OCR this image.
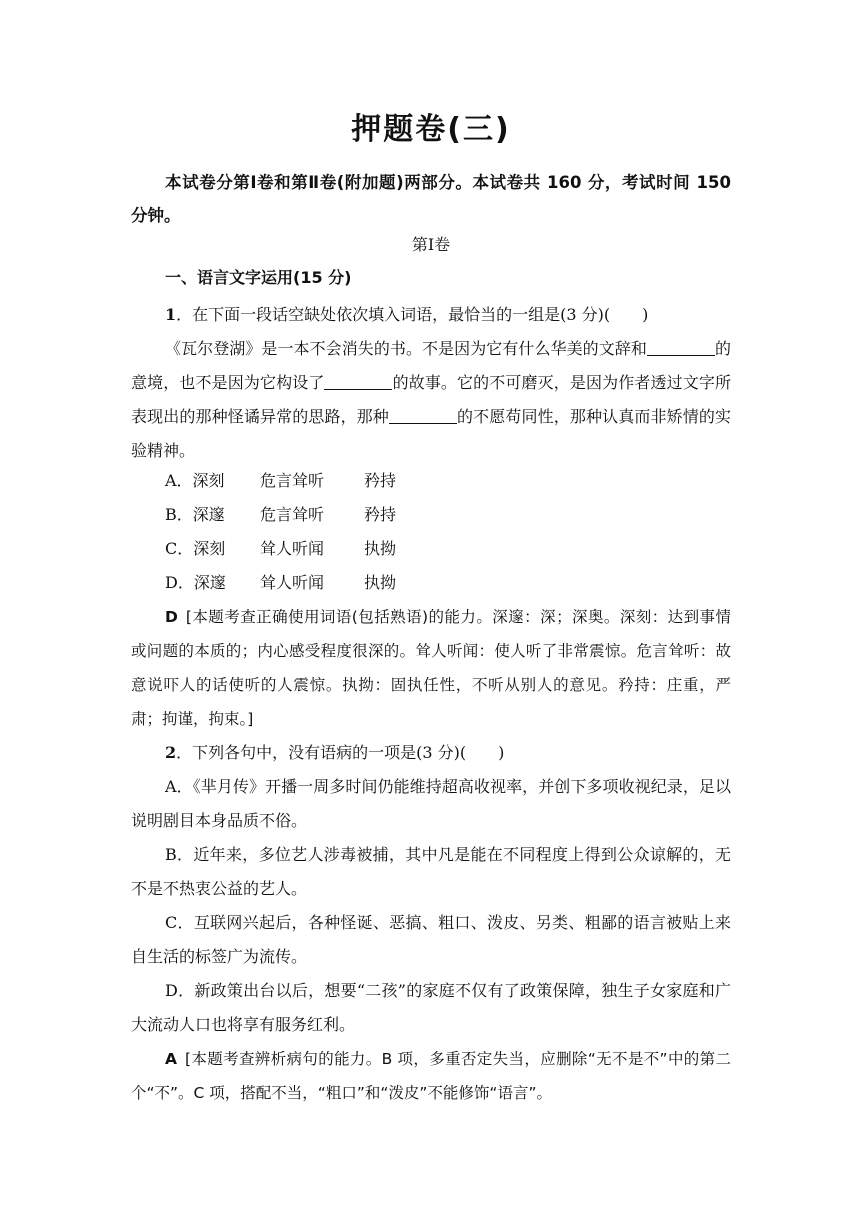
押题卷(三)

本试卷分第Ⅰ卷和第Ⅱ卷(附加题)两部分。本试卷共 160 分，考试时间 150 分钟。

第Ⅰ卷

一、语言文字运用(15 分)

1．在下面一段话空缺处依次填入词语，最恰当的一组是(3 分)(　　)

《瓦尔登湖》是一本不会消失的书。不是因为它有什么华美的文辞和	的意境，也不是因为它构设了	的故事。它的不可磨灭，是因为作者透过文字所表现出的那种怪谲异常的思路，那种	的不愿苟同性，那种认真而非矫情的实验精神。

A．深刻 危言耸听 矜持

B．深邃 危言耸听 矜持

C．深刻 耸人听闻 执拗

D．深邃 耸人听闻 执拗

D [本题考查正确使用词语(包括熟语)的能力。深邃：深；深奥。深刻：达到事情或问题的本质的；内心感受程度很深的。耸人听闻：使人听了非常震惊。危言耸听：故意说吓人的话使听的人震惊。执拗：固执任性，不听从别人的意见。矜持：庄重，严肃；拘谨，拘束。]

2．下列各句中，没有语病的一项是(3 分)(　　)

A．《芈月传》开播一周多时间仍能维持超高收视率，并创下多项收视纪录，足以说明剧目本身品质不俗。

B．近年来，多位艺人涉毒被捕，其中凡是能在不同程度上得到公众谅解的，无不是不热衷公益的艺人。

C．互联网兴起后，各种怪诞、恶搞、粗口、泼皮、另类、粗鄙的语言被贴上来自生活的标签广为流传。

D．新政策出台以后，想要“二孩”的家庭不仅有了政策保障，独生子女家庭和广大流动人口也将享有服务红利。

A [本题考查辨析病句的能力。B 项，多重否定失当，应删除“无不是不”中的第二个“不”。C 项，搭配不当，“粗口”和“泼皮”不能修饰“语言”。
